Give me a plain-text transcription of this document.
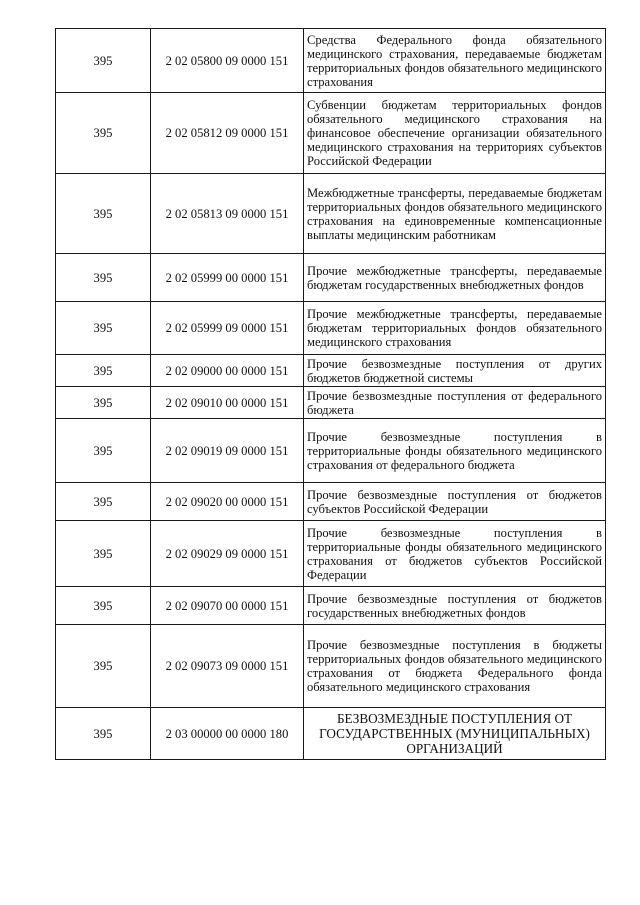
395	2 02 05800 09 0000 151	Средства Федерального фонда обязательного медицинского страхования, передаваемые бюджетам территориальных фондов обязательного медицинского страхования
395	2 02 05812 09 0000 151	Субвенции бюджетам территориальных фондов обязательного медицинского страхования на финансовое обеспечение организации обязательного медицинского страхования на территориях субъектов Российской Федерации
395	2 02 05813 09 0000 151	Межбюджетные трансферты, передаваемые бюджетам территориальных фондов обязательного медицинского страхования на единовременные компенсационные выплаты медицинским работникам
395	2 02 05999 00 0000 151	Прочие межбюджетные трансферты, передаваемые бюджетам государственных внебюджетных фондов
395	2 02 05999 09 0000 151	Прочие межбюджетные трансферты, передаваемые бюджетам территориальных фондов обязательного медицинского страхования
395	2 02 09000 00 0000 151	Прочие безвозмездные поступления от других бюджетов бюджетной системы
395	2 02 09010 00 0000 151	Прочие безвозмездные поступления от федерального бюджета
395	2 02 09019 09 0000 151	Прочие безвозмездные поступления в территориальные фонды обязательного медицинского страхования от федерального бюджета
395	2 02 09020 00 0000 151	Прочие безвозмездные поступления от бюджетов субъектов Российской Федерации
395	2 02 09029 09 0000 151	Прочие безвозмездные поступления в территориальные фонды обязательного медицинского страхования от бюджетов субъектов Российской Федерации
395	2 02 09070 00 0000 151	Прочие безвозмездные поступления от бюджетов государственных внебюджетных фондов
395	2 02 09073 09 0000 151	Прочие безвозмездные поступления в бюджеты территориальных фондов обязательного медицинского страхования от бюджета Федерального фонда обязательного медицинского страхования
395	2 03 00000 00 0000 180	БЕЗВОЗМЕЗДНЫЕ ПОСТУПЛЕНИЯ ОТ ГОСУДАРСТВЕННЫХ (МУНИЦИПАЛЬНЫХ) ОРГАНИЗАЦИЙ
